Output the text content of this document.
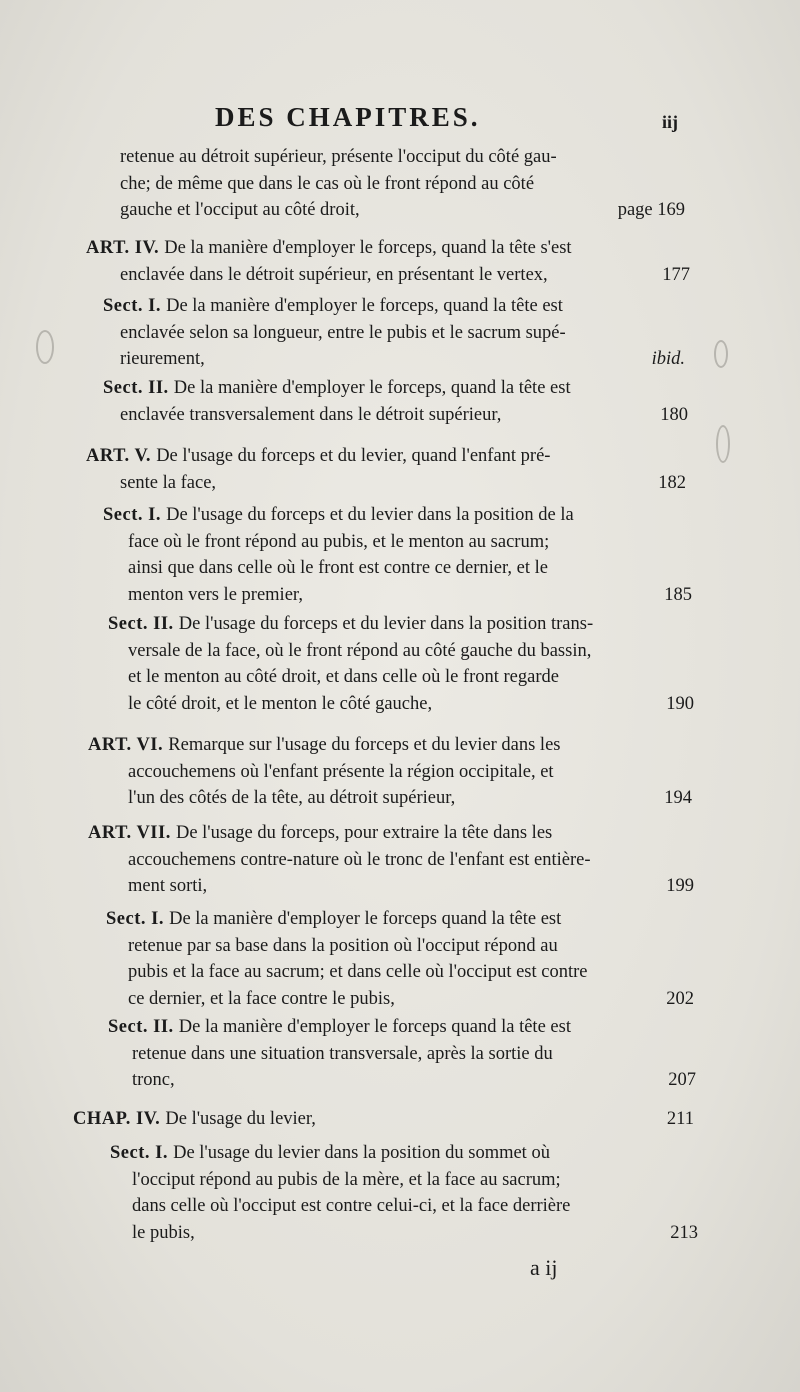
DES CHAPITRES.	iij
retenue au détroit supérieur, présente l'occiput du côté gau-
che; de même que dans le cas où le front répond au côté
gauche et l'occiput au côté droit,	page 169
ART. IV. De la manière d'employer le forceps, quand la tête s'est
enclavée dans le détroit supérieur, en présentant le vertex,	177
Sect. I. De la manière d'employer le forceps, quand la tête est
enclavée selon sa longueur, entre le pubis et le sacrum supé-
rieurement,	ibid.
Sect. II. De la manière d'employer le forceps, quand la tête est
enclavée transversalement dans le détroit supérieur,	180
ART. V. De l'usage du forceps et du levier, quand l'enfant pré-
sente la face,	182
Sect. I. De l'usage du forceps et du levier dans la position de la
face où le front répond au pubis, et le menton au sacrum;
ainsi que dans celle où le front est contre ce dernier, et le
menton vers le premier,	185
Sect. II. De l'usage du forceps et du levier dans la position trans-
versale de la face, où le front répond au côté gauche du bassin,
et le menton au côté droit, et dans celle où le front regarde
le côté droit, et le menton le côté gauche,	190
ART. VI. Remarque sur l'usage du forceps et du levier dans les
accouchemens où l'enfant présente la région occipitale, et
l'un des côtés de la tête, au détroit supérieur,	194
ART. VII. De l'usage du forceps, pour extraire la tête dans les
accouchemens contre-nature où le tronc de l'enfant est entière-
ment sorti,	199
Sect. I. De la manière d'employer le forceps quand la tête est
retenue par sa base dans la position où l'occiput répond au
pubis et la face au sacrum; et dans celle où l'occiput est contre
ce dernier, et la face contre le pubis,	202
Sect. II. De la manière d'employer le forceps quand la tête est
retenue dans une situation transversale, après la sortie du
tronc,	207
CHAP. IV. De l'usage du levier,	211
Sect. I. De l'usage du levier dans la position du sommet où
l'occiput répond au pubis de la mère, et la face au sacrum;
dans celle où l'occiput est contre celui-ci, et la face derrière
le pubis,	213
a ij
